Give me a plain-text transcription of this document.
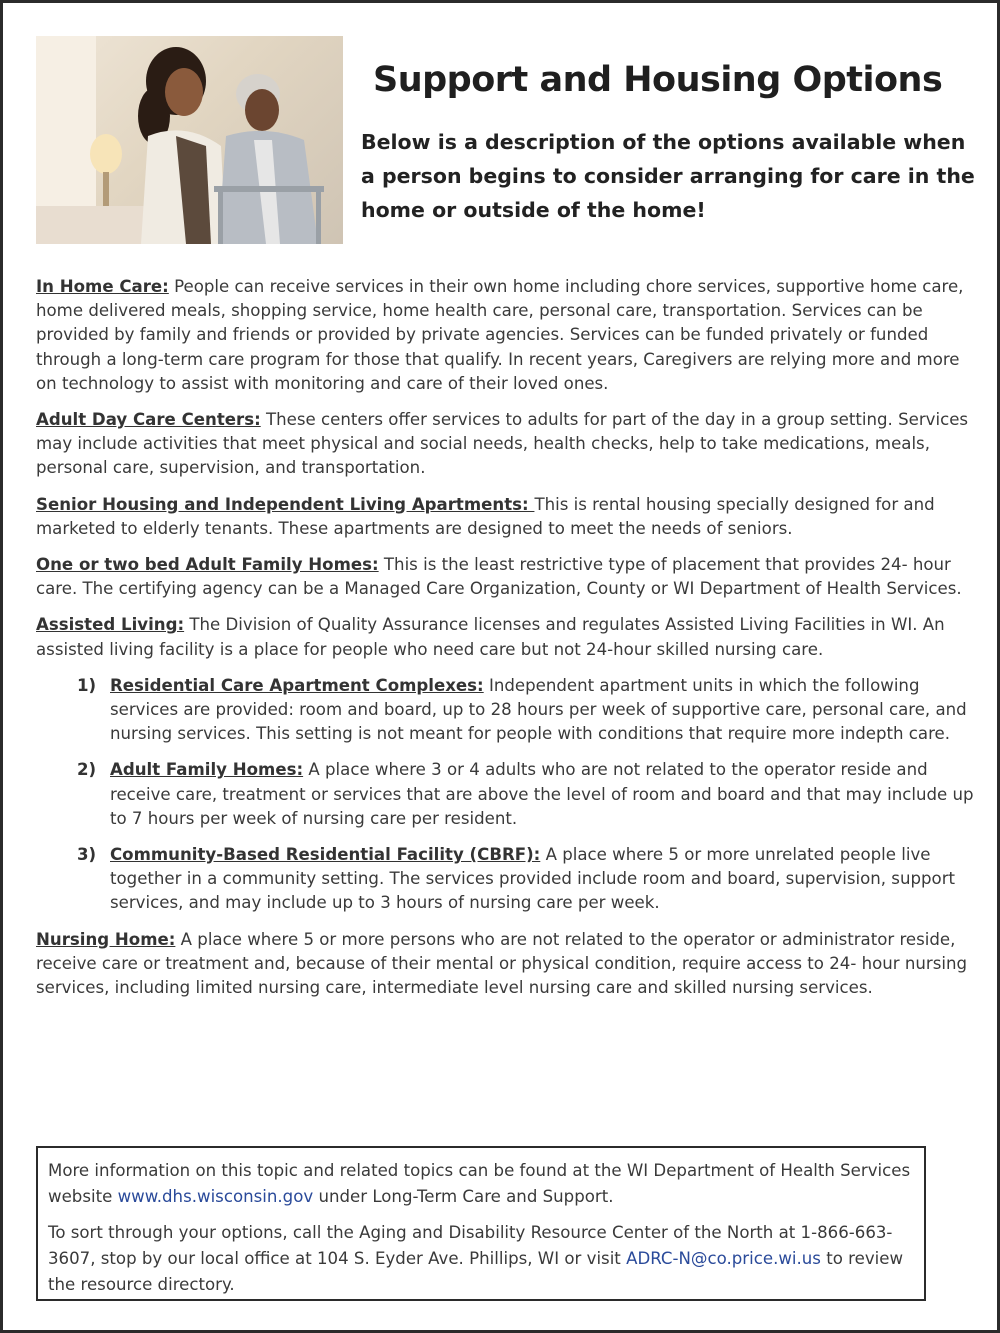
Support and Housing Options

Below is a description of the options available when a person begins to consider arranging for care in the home or outside of the home!

In Home Care: People can receive services in their own home including chore services, supportive home care, home delivered meals, shopping service, home health care, personal care, transportation. Services can be provided by family and friends or provided by private agencies. Services can be funded privately or funded through a long-term care program for those that qualify. In recent years, Caregivers are relying more and more on technology to assist with monitoring and care of their loved ones.

Adult Day Care Centers: These centers offer services to adults for part of the day in a group setting. Services may include activities that meet physical and social needs, health checks, help to take medications, meals, personal care, supervision, and transportation.

Senior Housing and Independent Living Apartments: This is rental housing specially designed for and marketed to elderly tenants. These apartments are designed to meet the needs of seniors.

One or two bed Adult Family Homes: This is the least restrictive type of placement that provides 24- hour care. The certifying agency can be a Managed Care Organization, County or WI Department of Health Services.

Assisted Living: The Division of Quality Assurance licenses and regulates Assisted Living Facilities in WI. An assisted living facility is a place for people who need care but not 24-hour skilled nursing care.

1) Residential Care Apartment Complexes: Independent apartment units in which the following services are provided: room and board, up to 28 hours per week of supportive care, personal care, and nursing services. This setting is not meant for people with conditions that require more indepth care.
2) Adult Family Homes: A place where 3 or 4 adults who are not related to the operator reside and receive care, treatment or services that are above the level of room and board and that may include up to 7 hours per week of nursing care per resident.
3) Community-Based Residential Facility (CBRF): A place where 5 or more unrelated people live together in a community setting. The services provided include room and board, supervision, support services, and may include up to 3 hours of nursing care per week.

Nursing Home: A place where 5 or more persons who are not related to the operator or administrator reside, receive care or treatment and, because of their mental or physical condition, require access to 24- hour nursing services, including limited nursing care, intermediate level nursing care and skilled nursing services.

More information on this topic and related topics can be found at the WI Department of Health Services website www.dhs.wisconsin.gov under Long-Term Care and Support.

To sort through your options, call the Aging and Disability Resource Center of the North at 1-866-663-3607, stop by our local office at 104 S. Eyder Ave. Phillips, WI or visit ADRC-N@co.price.wi.us to review the resource directory.
